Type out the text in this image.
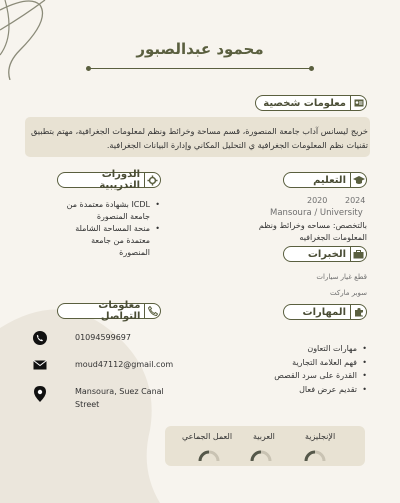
محمود عبدالصبور
معلومات شخصية
خريج ليسانس آداب جامعة المنصورة، قسم مساحة وخرائط ونظم لمعلومات الجغرافية، مهتم بتطبيق تقنيات نظم المعلومات الجغرافية ي التحليل المكاني وإدارة البيانات الجغرافية.
الدورات التدريبية	التعليم
ICDL بشهادة معتمدة من جامعة المنصورة •
منحة المساحة الشاملة معتمدة من جامعة المنصورة •
2020 2024
Mansoura / University
بالتخصص: مساحه وخرائط ونظم المعلومات الجغرافيه
الخبرات
قطع غيار سيارات
سوبر ماركت
معلومات التواصل	المهارات
01094599697
moud47112@gmail.com
Mansoura, Suez Canal Street
مهارات التعاون •
فهم العلامة التجارية •
القدرة على سرد القصص •
تقديم عرض فعال •
الإنجليزية
العربية
العمل الجماعي
